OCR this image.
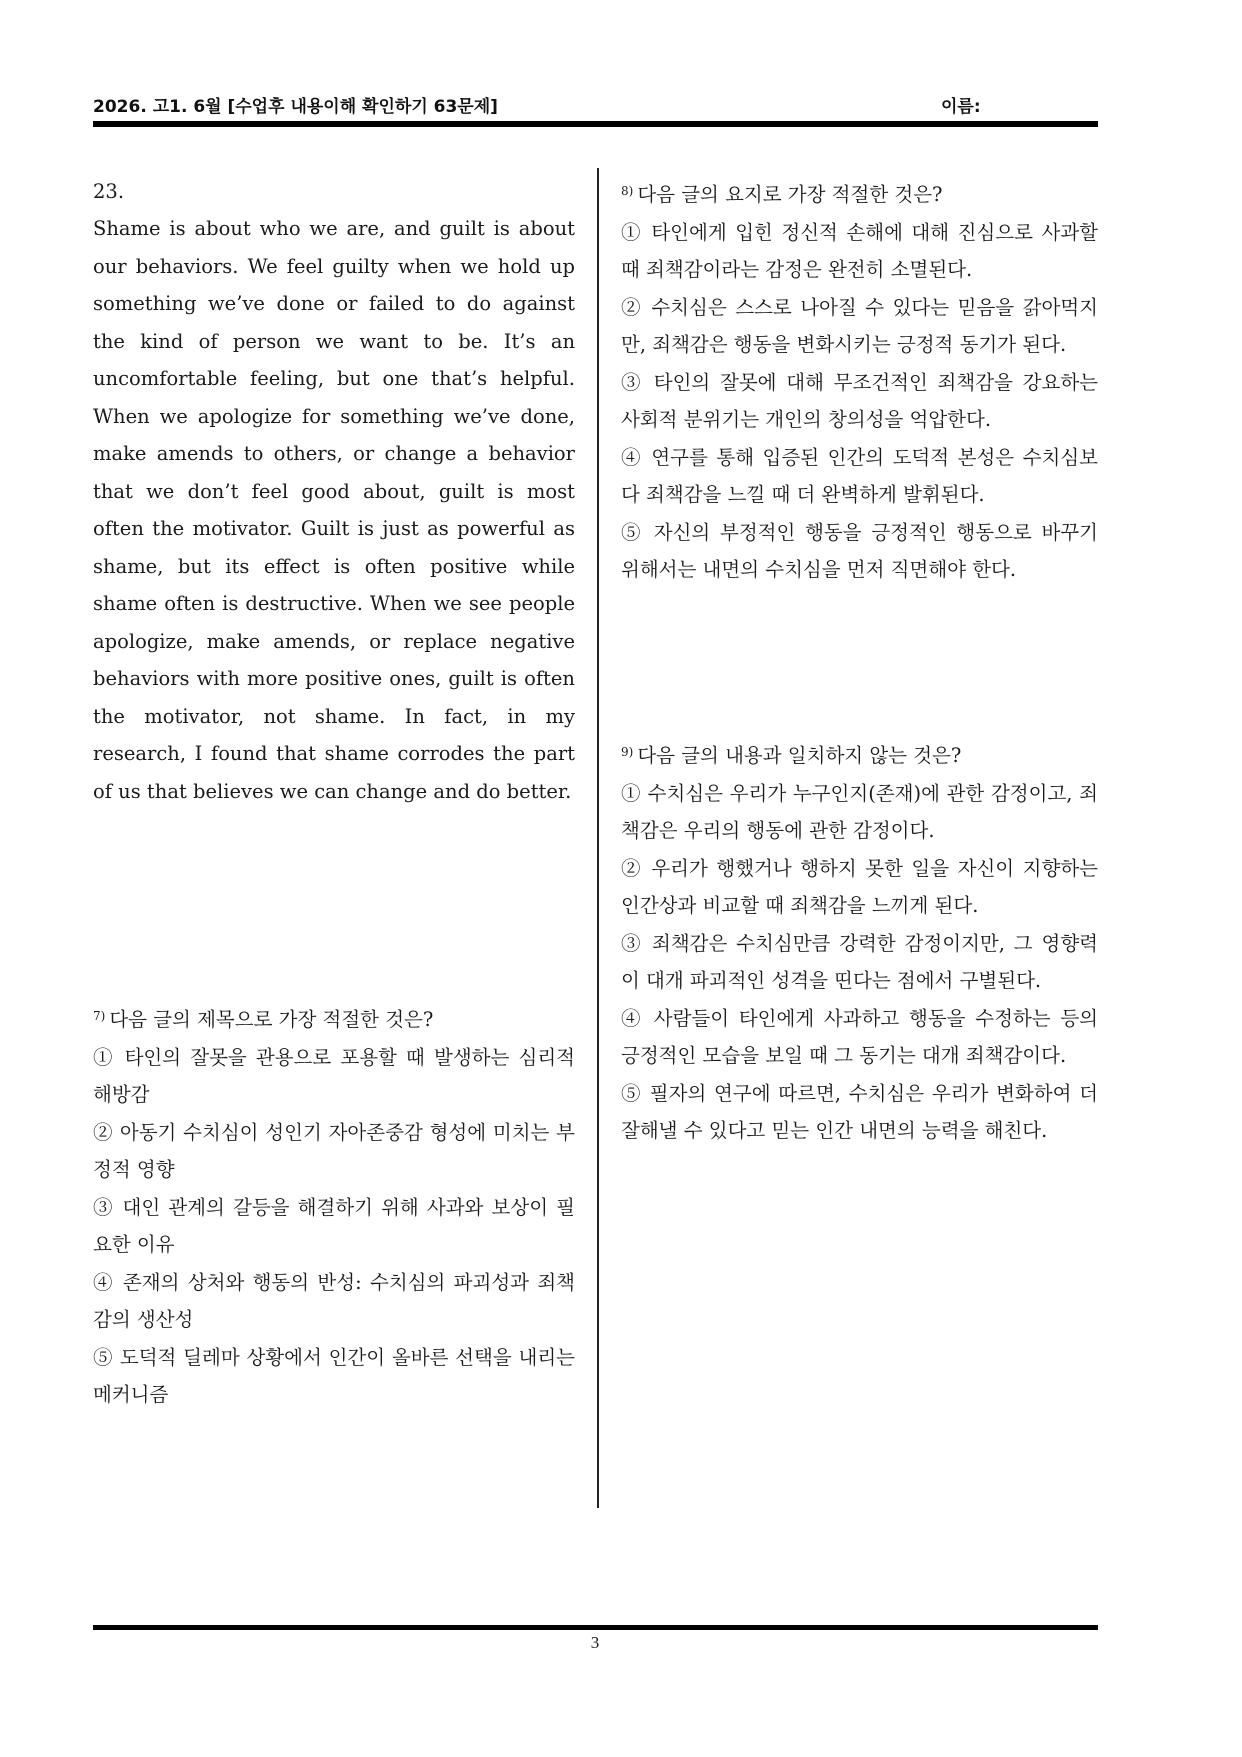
2026. 고1. 6월 [수업후 내용이해 확인하기 63문제]	이름:
23.

Shame is about who we are, and guilt is about our behaviors. We feel guilty when we hold up something we’ve done or failed to do against the kind of person we want to be. It’s an uncomfortable feeling, but one that’s helpful. When we apologize for something we’ve done, make amends to others, or change a behavior that we don’t feel good about, guilt is most often the motivator. Guilt is just as powerful as shame, but its effect is often positive while shame often is destructive. When we see people apologize, make amends, or replace negative behaviors with more positive ones, guilt is often the motivator, not shame. In fact, in my research, I found that shame corrodes the part of us that believes we can change and do better.

$^{7)}$ 다음 글의 제목으로 가장 적절한 것은?

① 타인의 잘못을 관용으로 포용할 때 발생하는 심리적 해방감

② 아동기 수치심이 성인기 자아존중감 형성에 미치는 부정적 영향

③ 대인 관계의 갈등을 해결하기 위해 사과와 보상이 필요한 이유

④ 존재의 상처와 행동의 반성: 수치심의 파괴성과 죄책감의 생산성

⑤ 도덕적 딜레마 상황에서 인간이 올바른 선택을 내리는 메커니즘

$^{8)}$ 다음 글의 요지로 가장 적절한 것은?

① 타인에게 입힌 정신적 손해에 대해 진심으로 사과할 때 죄책감이라는 감정은 완전히 소멸된다.

② 수치심은 스스로 나아질 수 있다는 믿음을 갉아먹지만, 죄책감은 행동을 변화시키는 긍정적 동기가 된다.

③ 타인의 잘못에 대해 무조건적인 죄책감을 강요하는 사회적 분위기는 개인의 창의성을 억압한다.

④ 연구를 통해 입증된 인간의 도덕적 본성은 수치심보다 죄책감을 느낄 때 더 완벽하게 발휘된다.

⑤ 자신의 부정적인 행동을 긍정적인 행동으로 바꾸기 위해서는 내면의 수치심을 먼저 직면해야 한다.

$^{9)}$ 다음 글의 내용과 일치하지 않는 것은?

① 수치심은 우리가 누구인지(존재)에 관한 감정이고, 죄책감은 우리의 행동에 관한 감정이다.

② 우리가 행했거나 행하지 못한 일을 자신이 지향하는 인간상과 비교할 때 죄책감을 느끼게 된다.

③ 죄책감은 수치심만큼 강력한 감정이지만, 그 영향력이 대개 파괴적인 성격을 띤다는 점에서 구별된다.

④ 사람들이 타인에게 사과하고 행동을 수정하는 등의 긍정적인 모습을 보일 때 그 동기는 대개 죄책감이다.

⑤ 필자의 연구에 따르면, 수치심은 우리가 변화하여 더 잘해낼 수 있다고 믿는 인간 내면의 능력을 해친다.

3
